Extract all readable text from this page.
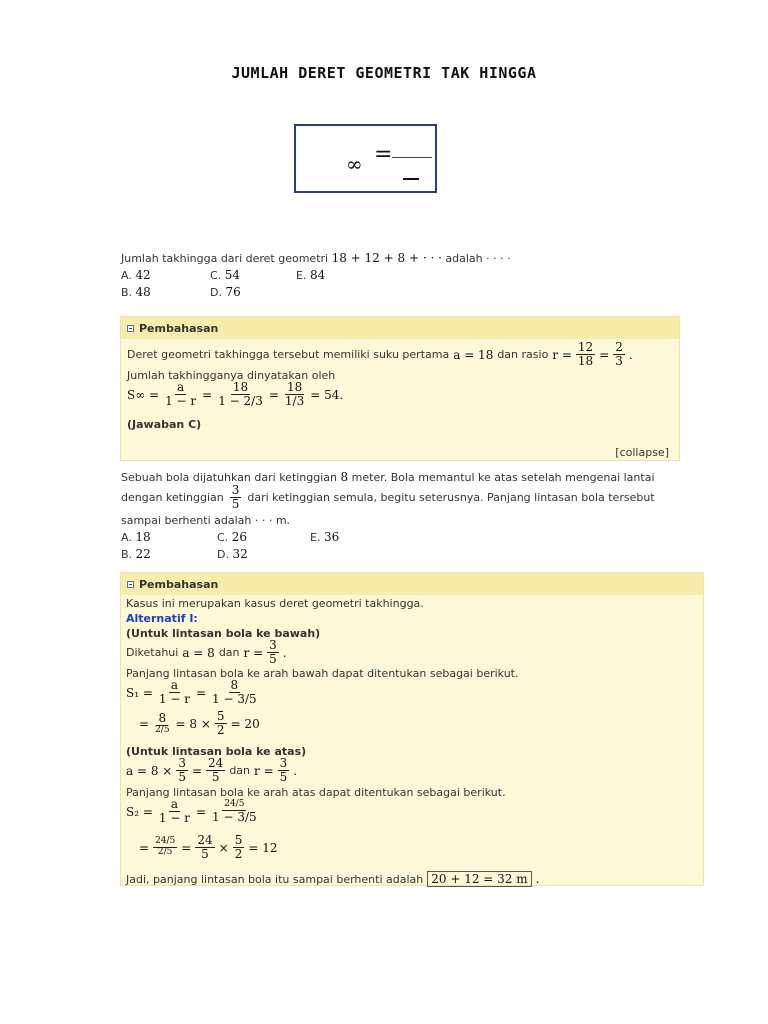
JUMLAH DERET GEOMETRI TAK HINGGA
∞ =
Jumlah takhingga dari deret geometri 18 + 12 + 8 + · · · adalah · · · ·
A. 42	C. 54	E. 84
B. 48	D. 76
Pembahasan
Deret geometri takhingga tersebut memiliki suku pertama a = 18 dan rasio $r = \frac{12}{18} = \frac{2}{3}$ .
Jumlah takhingganya dinyatakan oleh
$S\infty = \frac{a}{1 - r} = \frac{18}{1 - 2/3} = \frac{18}{1/3} = 54$.
(Jawaban C)
[collapse]
Sebuah bola dijatuhkan dari ketinggian 8 meter. Bola memantul ke atas setelah mengenai lantai
dengan ketinggian $\frac{3}{5}$ dari ketinggian semula, begitu seterusnya. Panjang lintasan bola tersebut
sampai berhenti adalah · · · m.
A. 18	C. 26	E. 36
B. 22	D. 32
Pembahasan
Kasus ini merupakan kasus deret geometri takhingga.
Alternatif I:
(Untuk lintasan bola ke bawah)
Diketahui a = 8 dan $r = \frac{3}{5}$ .
Panjang lintasan bola ke arah bawah dapat ditentukan sebagai berikut.
$S_1 = \frac{a}{1 - r} = \frac{8}{1 - 3/5}$
= $\frac{8}{2/5} = 8 \times \frac{5}{2} = 20$
(Untuk lintasan bola ke atas)
$a = 8 \times \frac{3}{5} = \frac{24}{5}$ dan $r = \frac{3}{5}$ .
Panjang lintasan bola ke arah atas dapat ditentukan sebagai berikut.
$S_2 = \frac{a}{1 - r} = \frac{24/5}{1 - 3/5}$
= $\frac{24/5}{2/5} = \frac{24}{5} \times \frac{5}{2} = 12$
Jadi, panjang lintasan bola itu sampai berhenti adalah 20 + 12 = 32 m .
